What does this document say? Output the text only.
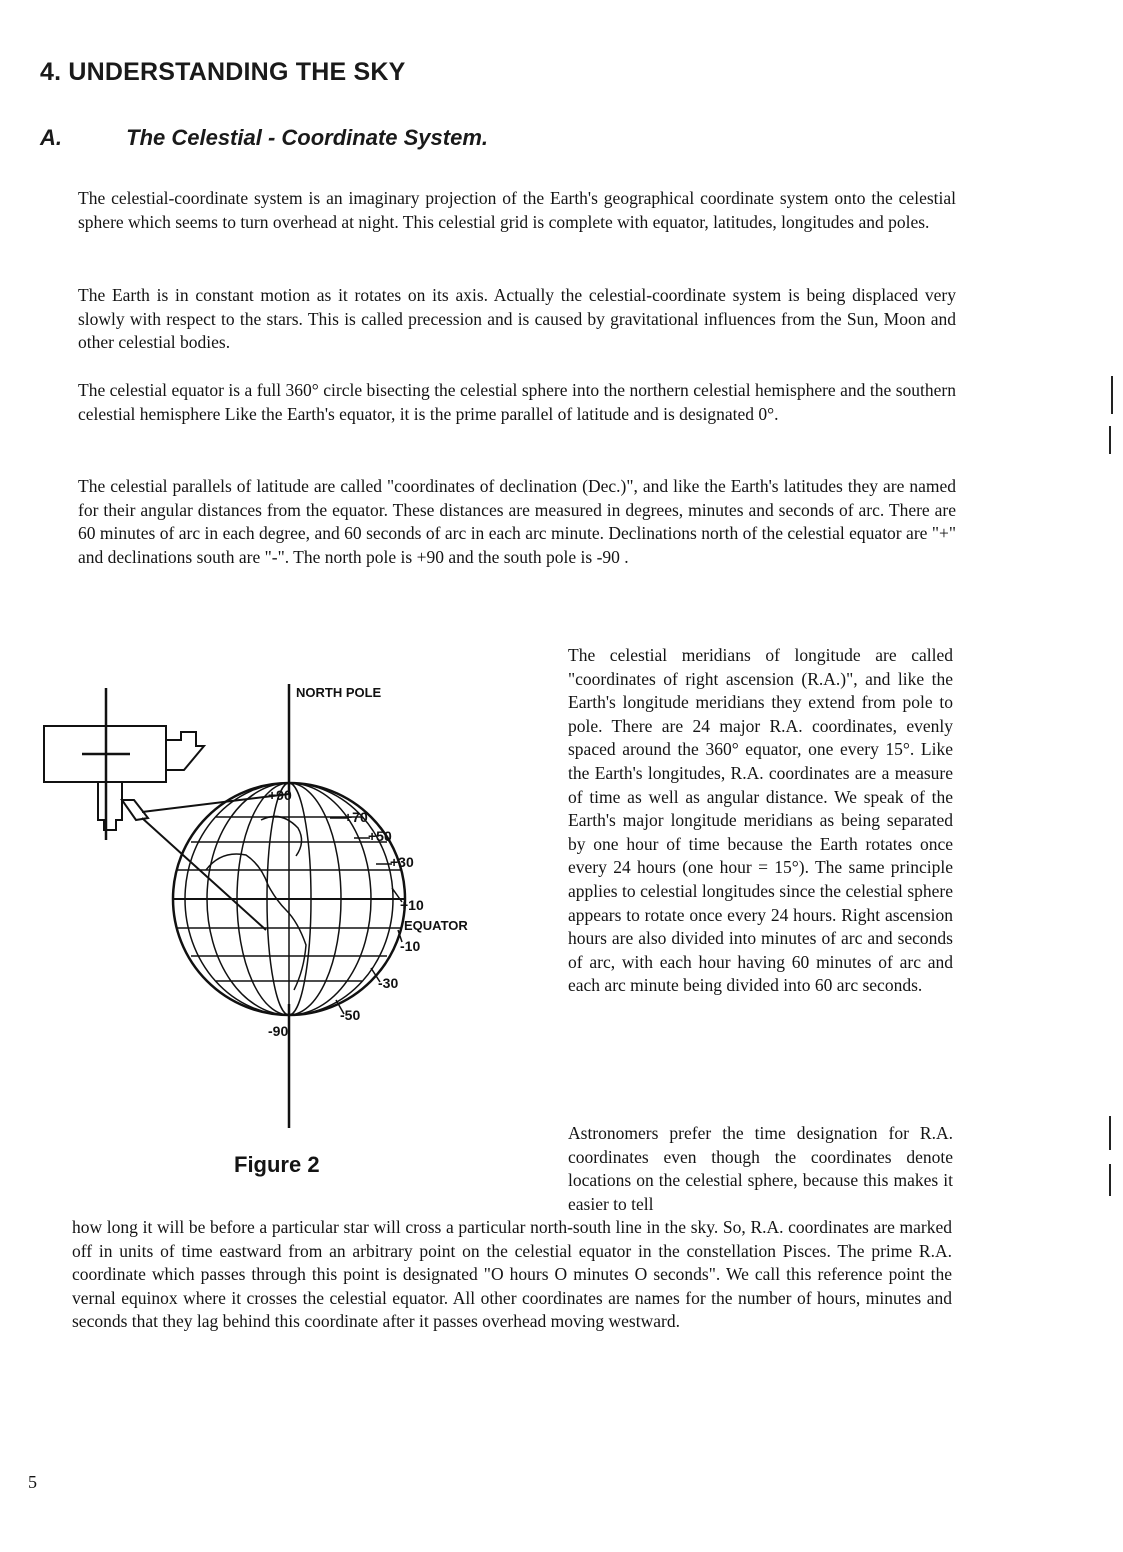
4. UNDERSTANDING THE SKY
A.	The Celestial - Coordinate System.

The celestial-coordinate system is an imaginary projection of the Earth's geographical coordinate system onto the celestial sphere which seems to turn overhead at night. This celestial grid is complete with equator, latitudes, longitudes and poles.

The Earth is in constant motion as it rotates on its axis. Actually the celestial-coordinate system is being displaced very slowly with respect to the stars. This is called precession and is caused by gravitational influences from the Sun, Moon and other celestial bodies.

The celestial equator is a full 360° circle bisecting the celestial sphere into the northern celestial hemisphere and the southern celestial hemisphere Like the Earth's equator, it is the prime parallel of latitude and is designated 0°.

The celestial parallels of latitude are called "coordinates of declination (Dec.)", and like the Earth's latitudes they are named for their angular distances from the equator. These distances are measured in degrees, minutes and seconds of arc. There are 60 minutes of arc in each degree, and 60 seconds of arc in each arc minute. Declinations north of the celestial equator are "+" and declinations south are "-". The north pole is +90 and the south pole is -90 .

The celestial meridians of longitude are called "coordinates of right ascension (R.A.)", and like the Earth's longitude meridians they extend from pole to pole. There are 24 major R.A. coordinates, evenly spaced around the 360° equator, one every 15°. Like the Earth's longitudes, R.A. coordinates are a measure of time as well as angular distance. We speak of the Earth's major longitude meridians as being separated by one hour of time because the Earth rotates once every 24 hours (one hour = 15°). The same principle applies to celestial longitudes since the celestial sphere appears to rotate once every 24 hours. Right ascension hours are also divided into minutes of arc and seconds of arc, with each hour having 60 minutes of arc and each arc minute being divided into 60 arc seconds.

Astronomers prefer the time designation for R.A. coordinates even though the coordinates denote locations on the celestial sphere, because this makes it easier to tell

how long it will be before a particular star will cross a particular north-south line in the sky. So, R.A. coordinates are marked off in units of time eastward from an arbitrary point on the celestial equator in the constellation Pisces. The prime R.A. coordinate which passes through this point is designated "O hours O minutes O seconds". We call this reference point the vernal equinox where it crosses the celestial equator. All other coordinates are names for the number of hours, minutes and seconds that they lag behind this coordinate after it passes overhead moving westward.

NORTH POLE
+90
+70
+50
+30
+10
EQUATOR
-10
-30
-50
-90

Figure 2

5
